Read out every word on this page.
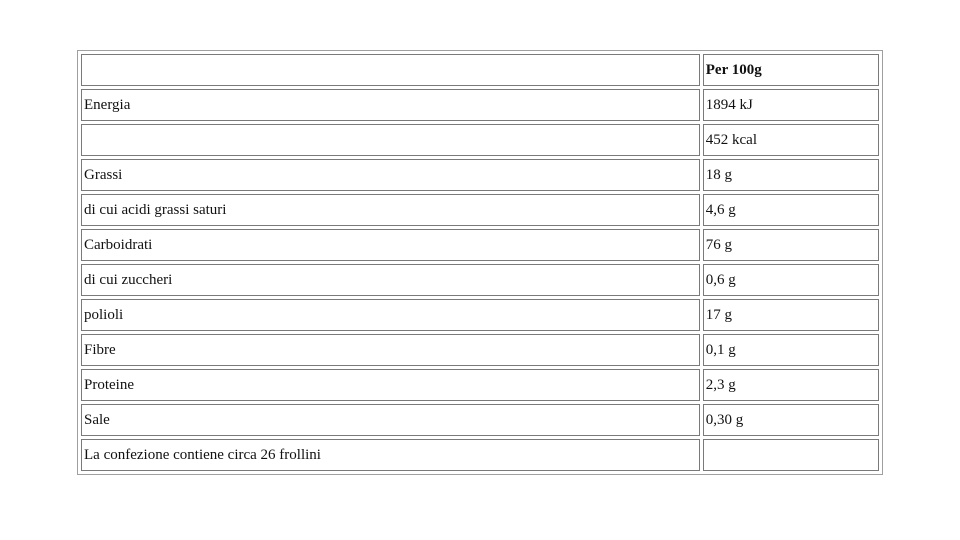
	Per 100g
Energia	1894 kJ
	452 kcal
Grassi	18 g
di cui acidi grassi saturi	4,6 g
Carboidrati	76 g
di cui zuccheri	0,6 g
polioli	17 g
Fibre	0,1 g
Proteine	2,3 g
Sale	0,30 g
La confezione contiene circa 26 frollini	
